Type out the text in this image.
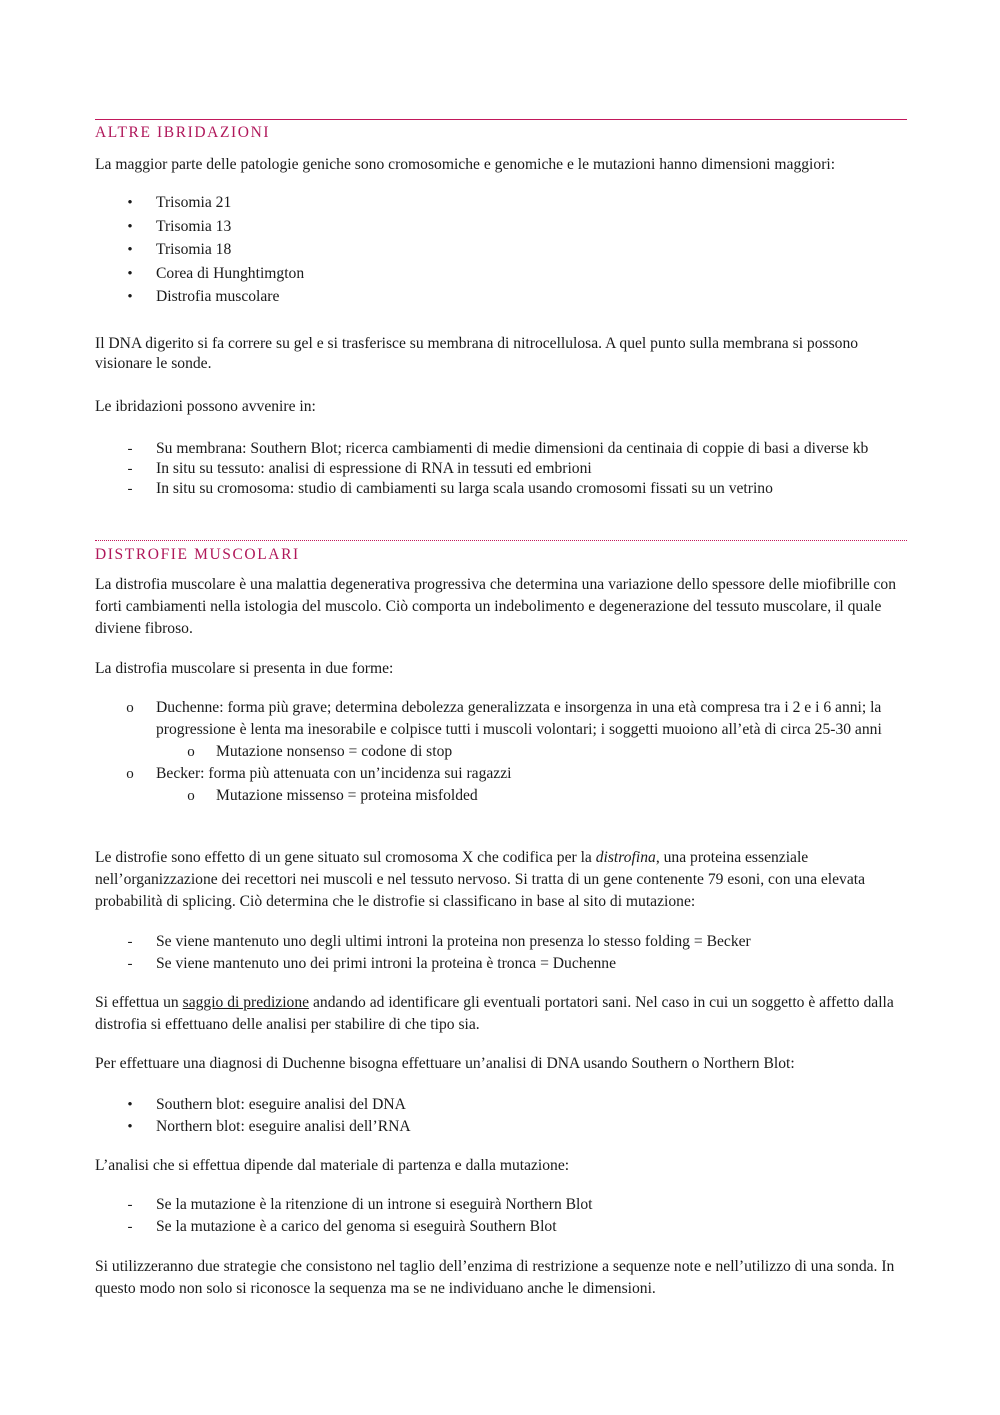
ALTRE IBRIDAZIONI

La maggior parte delle patologie geniche sono cromosomiche e genomiche e le mutazioni hanno dimensioni maggiori:

• Trisomia 21
• Trisomia 13
• Trisomia 18
• Corea di Hunghtimgton
• Distrofia muscolare

Il DNA digerito si fa correre su gel e si trasferisce su membrana di nitrocellulosa. A quel punto sulla membrana si possono visionare le sonde.

Le ibridazioni possono avvenire in:

- Su membrana: Southern Blot; ricerca cambiamenti di medie dimensioni da centinaia di coppie di basi a diverse kb
- In situ su tessuto: analisi di espressione di RNA in tessuti ed embrioni
- In situ su cromosoma: studio di cambiamenti su larga scala usando cromosomi fissati su un vetrino
DISTROFIE MUSCOLARI

La distrofia muscolare è una malattia degenerativa progressiva che determina una variazione dello spessore delle miofibrille con forti cambiamenti nella istologia del muscolo. Ciò comporta un indebolimento e degenerazione del tessuto muscolare, il quale diviene fibroso.

La distrofia muscolare si presenta in due forme:

o Duchenne: forma più grave; determina debolezza generalizzata e insorgenza in una età compresa tra i 2 e i 6 anni; la progressione è lenta ma inesorabile e colpisce tutti i muscoli volontari; i soggetti muoiono all’età di circa 25-30 anni
o Mutazione nonsenso = codone di stop
o Becker: forma più attenuata con un’incidenza sui ragazzi
o Mutazione missenso = proteina misfolded

Le distrofie sono effetto di un gene situato sul cromosoma X che codifica per la distrofina, una proteina essenziale nell’organizzazione dei recettori nei muscoli e nel tessuto nervoso. Si tratta di un gene contenente 79 esoni, con una elevata probabilità di splicing. Ciò determina che le distrofie si classificano in base al sito di mutazione:

- Se viene mantenuto uno degli ultimi introni la proteina non presenza lo stesso folding = Becker
- Se viene mantenuto uno dei primi introni la proteina è tronca = Duchenne

Si effettua un saggio di predizione andando ad identificare gli eventuali portatori sani. Nel caso in cui un soggetto è affetto dalla distrofia si effettuano delle analisi per stabilire di che tipo sia.

Per effettuare una diagnosi di Duchenne bisogna effettuare un’analisi di DNA usando Southern o Northern Blot:

• Southern blot: eseguire analisi del DNA
• Northern blot: eseguire analisi dell’RNA

L’analisi che si effettua dipende dal materiale di partenza e dalla mutazione:

- Se la mutazione è la ritenzione di un introne si eseguirà Northern Blot
- Se la mutazione è a carico del genoma si eseguirà Southern Blot

Si utilizzeranno due strategie che consistono nel taglio dell’enzima di restrizione a sequenze note e nell’utilizzo di una sonda. In questo modo non solo si riconosce la sequenza ma se ne individuano anche le dimensioni.
